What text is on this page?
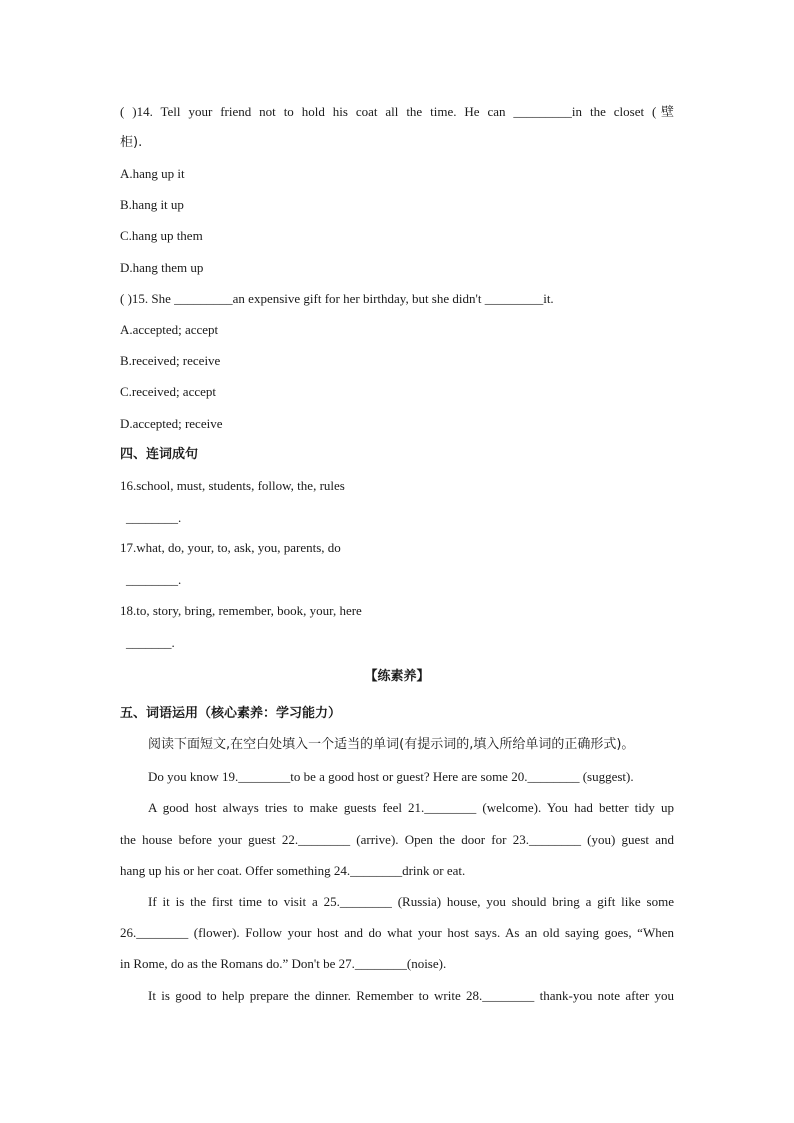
( )14. Tell your friend not to hold his coat all the time. He can _________in the closet (壁
柜).
A.hang up it
B.hang it up
C.hang up them
D.hang them up
( )15. She _________an expensive gift for her birthday, but she didn't _________it.
A.accepted; accept
B.received; receive
C.received; accept
D.accepted; receive
四、连词成句
16.school, must, students, follow, the, rules
________.
17.what, do, your, to, ask, you, parents, do
________.
18.to, story, bring, remember, book, your, here
_______.
【练素养】
五、词语运用（核心素养：学习能力）
阅读下面短文,在空白处填入一个适当的单词(有提示词的,填入所给单词的正确形式)。
Do you know 19.________to be a good host or guest? Here are some 20.________ (suggest).
A good host always tries to make guests feel 21.________ (welcome). You had better tidy up
the house before your guest 22.________ (arrive). Open the door for 23.________ (you) guest and
hang up his or her coat. Offer something 24.________drink or eat.
If it is the first time to visit a 25.________ (Russia) house, you should bring a gift like some
26.________ (flower). Follow your host and do what your host says. As an old saying goes, “When
in Rome, do as the Romans do.” Don't be 27.________(noise).
It is good to help prepare the dinner. Remember to write 28.________ thank-you note after you
